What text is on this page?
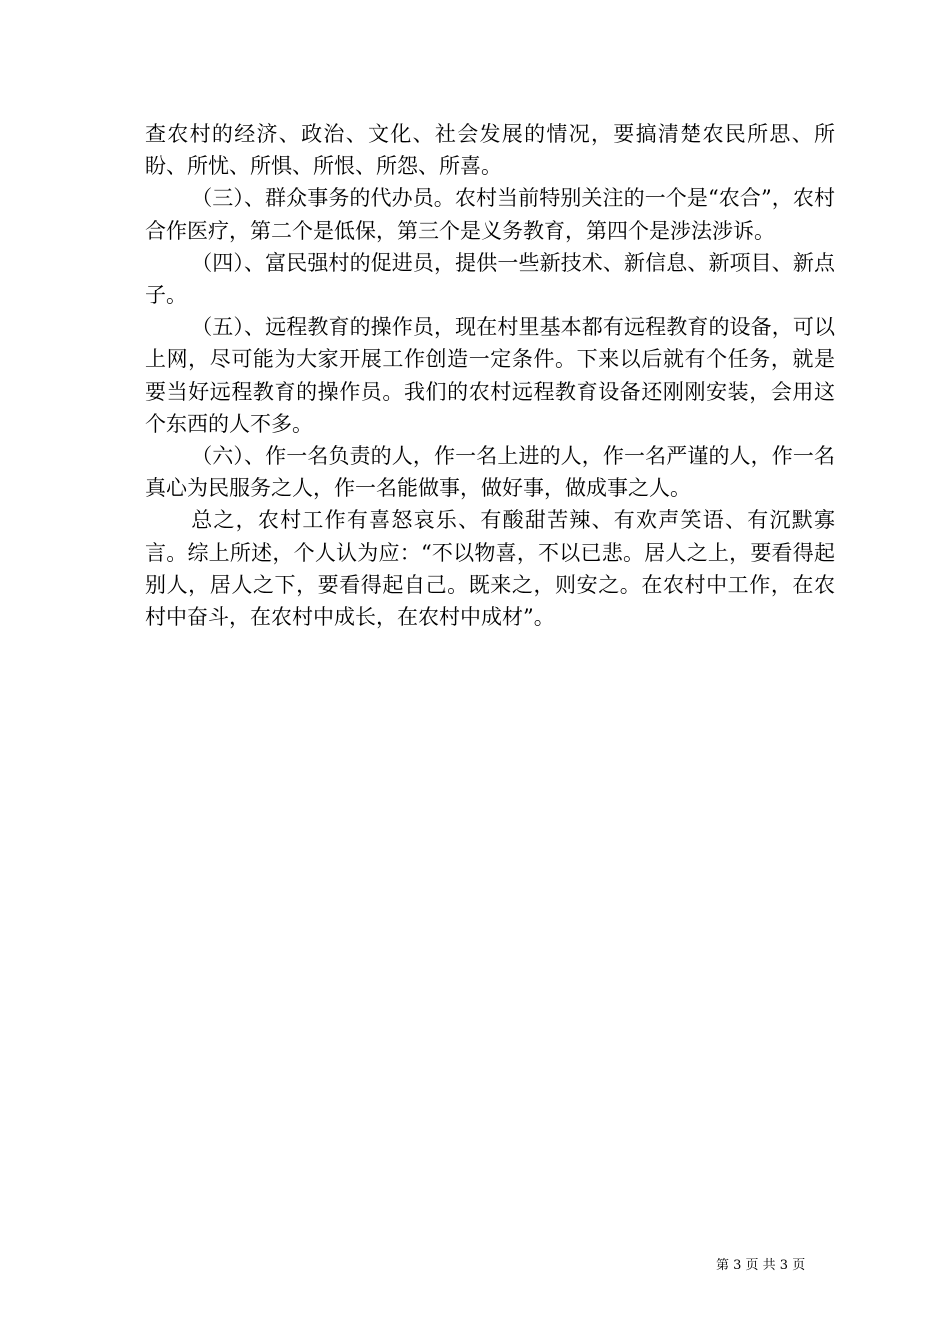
查农村的经济、政治、文化、社会发展的情况，要搞清楚农民所思、所盼、所忧、所惧、所恨、所怨、所喜。

（三）、群众事务的代办员。农村当前特别关注的一个是“农合”，农村合作医疗，第二个是低保，第三个是义务教育，第四个是涉法涉诉。

（四）、富民强村的促进员，提供一些新技术、新信息、新项目、新点子。

（五）、远程教育的操作员，现在村里基本都有远程教育的设备，可以上网，尽可能为大家开展工作创造一定条件。下来以后就有个任务，就是要当好远程教育的操作员。我们的农村远程教育设备还刚刚安装，会用这个东西的人不多。

（六）、作一名负责的人，作一名上进的人，作一名严谨的人，作一名真心为民服务之人，作一名能做事，做好事，做成事之人。

总之，农村工作有喜怒哀乐、有酸甜苦辣、有欢声笑语、有沉默寡言。综上所述，个人认为应：“不以物喜，不以已悲。居人之上，要看得起别人，居人之下，要看得起自己。既来之，则安之。在农村中工作，在农村中奋斗，在农村中成长，在农村中成材”。

第 3 页 共 3 页
